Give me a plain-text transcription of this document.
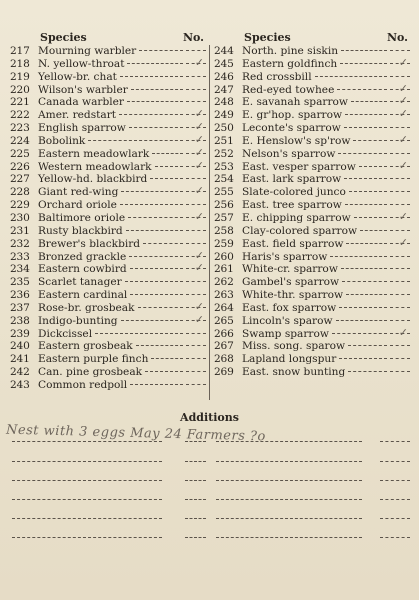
Species	No.
217 Mourning warbler
218 N. yellow-throat	✓
219 Yellow-br. chat
220 Wilson's warbler
221 Canada warbler
222 Amer. redstart	✓
223 English sparrow	✓
224 Bobolink	✓
225 Eastern meadowlark	✓
226 Western meadowlark	✓
227 Yellow-hd. blackbird
228 Giant red-wing	✓
229 Orchard oriole
230 Baltimore oriole	✓
231 Rusty blackbird
232 Brewer's blackbird
233 Bronzed grackle	✓
234 Eastern cowbird	✓
235 Scarlet tanager
236 Eastern cardinal
237 Rose-br. grosbeak	✓
238 Indigo-bunting	✓
239 Dickcissel
240 Eastern grosbeak
241 Eastern purple finch
242 Can. pine grosbeak
243 Common redpoll
Species	No.
244 North. pine siskin
245 Eastern goldfinch	✓
246 Red crossbill
247 Red-eyed towhee	✓
248 E. savanah sparrow	✓
249 E. gr'hop. sparrow	✓
250 Leconte's sparrow
251 E. Henslow's sp'row	✓
252 Nelson's sparrow
253 East. vesper sparrow	✓
254 East. lark sparrow
255 Slate-colored junco
256 East. tree sparrow
257 E. chipping sparrow	✓
258 Clay-colored sparrow
259 East. field sparrow	✓
260 Haris's sparrow
261 White-cr. sparrow
262 Gambel's sparrow
263 White-thr. sparrow
264 East. fox sparrow
265 Lincoln's sparow
266 Swamp sparrow	✓
267 Miss. song. sparow
268 Lapland longspur
269 East. snow bunting
Additions
Nest with 3 eggs May 24 Farmers ?o
